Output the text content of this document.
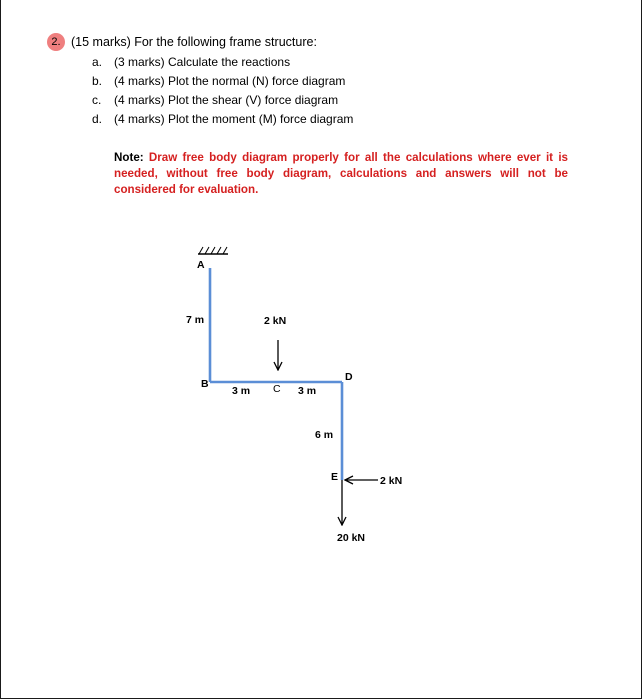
2. (15 marks) For the following frame structure:
a. (3 marks) Calculate the reactions
b. (4 marks) Plot the normal (N) force diagram
c.	(4 marks) Plot the shear (V) force diagram
d. (4 marks) Plot the moment (M) force diagram
Note: Draw free body diagram properly for all the calculations where ever it is needed, without free body diagram, calculations and answers will not be considered for evaluation.
A
7 m
B
3 m C 3 m
D
6 m
E
2 kN
2 kN
20 kN
